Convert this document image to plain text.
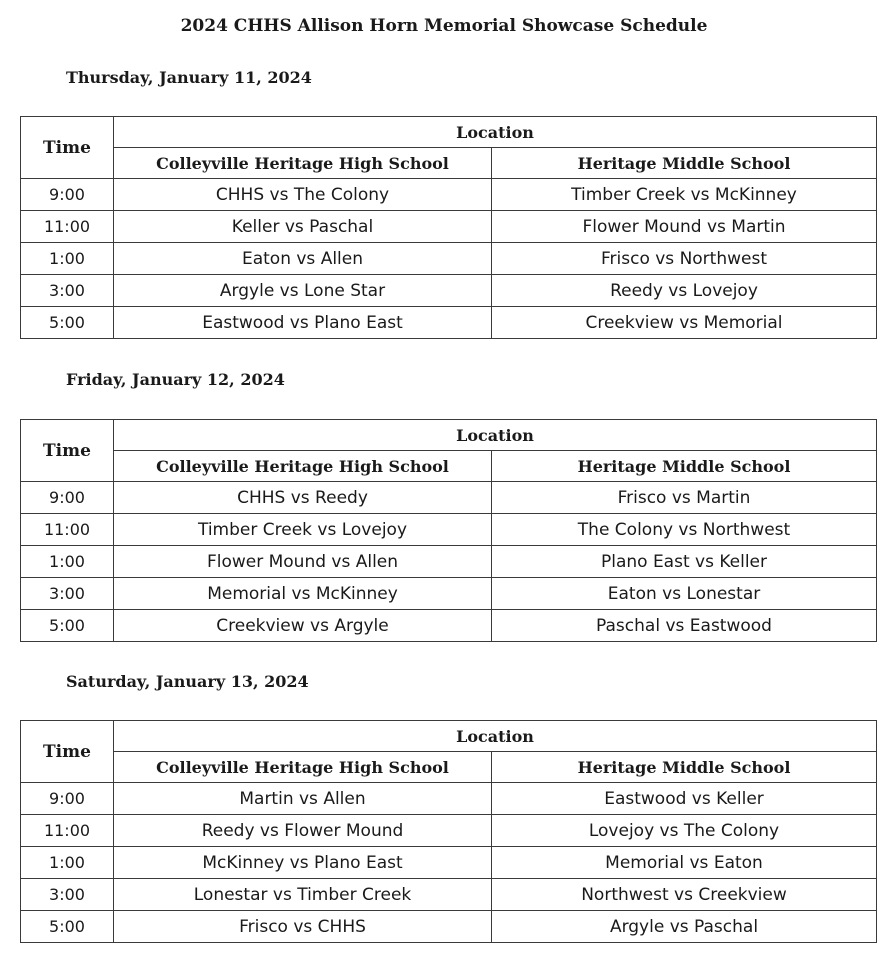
2024 CHHS Allison Horn Memorial Showcase Schedule
Thursday, January 11, 2024
Time	Location	
	Colleyville Heritage High School	Heritage Middle School
9:00	CHHS vs The Colony	Timber Creek vs McKinney
11:00	Keller vs Paschal	Flower Mound vs Martin
1:00	Eaton vs Allen	Frisco vs Northwest
3:00	Argyle vs Lone Star	Reedy vs Lovejoy
5:00	Eastwood vs Plano East	Creekview vs Memorial
Friday, January 12, 2024
Time	Location	
	Colleyville Heritage High School	Heritage Middle School
9:00	CHHS vs Reedy	Frisco vs Martin
11:00	Timber Creek vs Lovejoy	The Colony vs Northwest
1:00	Flower Mound vs Allen	Plano East vs Keller
3:00	Memorial vs McKinney	Eaton vs Lonestar
5:00	Creekview vs Argyle	Paschal vs Eastwood
Saturday, January 13, 2024
Time	Location	
	Colleyville Heritage High School	Heritage Middle School
9:00	Martin vs Allen	Eastwood vs Keller
11:00	Reedy vs Flower Mound	Lovejoy vs The Colony
1:00	McKinney vs Plano East	Memorial vs Eaton
3:00	Lonestar vs Timber Creek	Northwest vs Creekview
5:00	Frisco vs CHHS	Argyle vs Paschal
